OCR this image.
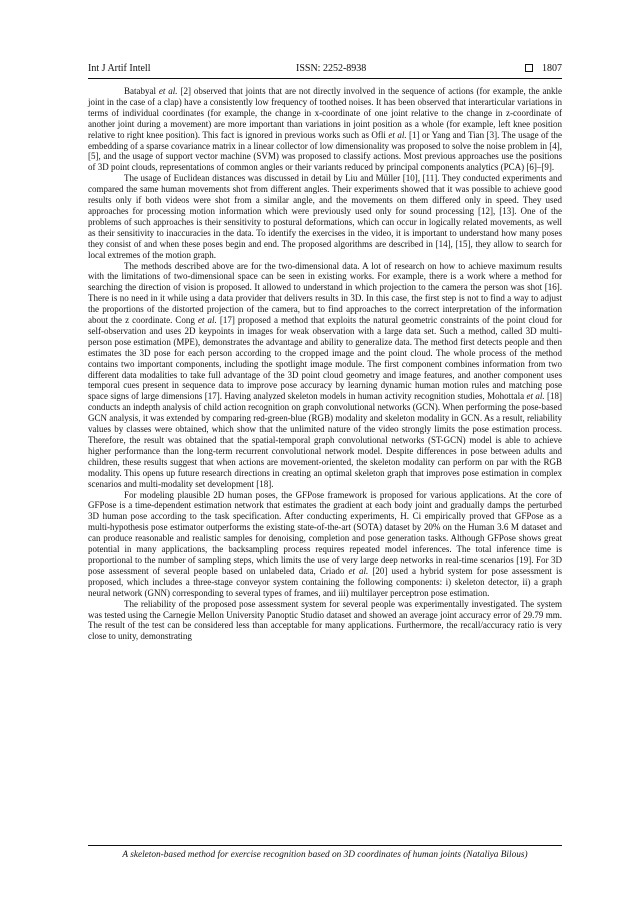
Int J Artif Intell	ISSN: 2252-8938	1807

Batabyal et al. [2] observed that joints that are not directly involved in the sequence of actions (for example, the ankle joint in the case of a clap) have a consistently low frequency of toothed noises. It has been observed that interarticular variations in terms of individual coordinates (for example, the change in x-coordinate of one joint relative to the change in z-coordinate of another joint during a movement) are more important than variations in joint position as a whole (for example, left knee position relative to right knee position). This fact is ignored in previous works such as Ofli et al. [1] or Yang and Tian [3]. The usage of the embedding of a sparse covariance matrix in a linear collector of low dimensionality was proposed to solve the noise problem in [4], [5], and the usage of support vector machine (SVM) was proposed to classify actions. Most previous approaches use the positions of 3D point clouds, representations of common angles or their variants reduced by principal components analytics (PCA) [6]–[9].

The usage of Euclidean distances was discussed in detail by Liu and Müller [10], [11]. They conducted experiments and compared the same human movements shot from different angles. Their experiments showed that it was possible to achieve good results only if both videos were shot from a similar angle, and the movements on them differed only in speed. They used approaches for processing motion information which were previously used only for sound processing [12], [13]. One of the problems of such approaches is their sensitivity to postural deformations, which can occur in logically related movements, as well as their sensitivity to inaccuracies in the data. To identify the exercises in the video, it is important to understand how many poses they consist of and when these poses begin and end. The proposed algorithms are described in [14], [15], they allow to search for local extremes of the motion graph.

The methods described above are for the two-dimensional data. A lot of research on how to achieve maximum results with the limitations of two-dimensional space can be seen in existing works. For example, there is a work where a method for searching the direction of vision is proposed. It allowed to understand in which projection to the camera the person was shot [16]. There is no need in it while using a data provider that delivers results in 3D. In this case, the first step is not to find a way to adjust the proportions of the distorted projection of the camera, but to find approaches to the correct interpretation of the information about the z coordinate. Cong et al. [17] proposed a method that exploits the natural geometric constraints of the point cloud for self-observation and uses 2D keypoints in images for weak observation with a large data set. Such a method, called 3D multi-person pose estimation (MPE), demonstrates the advantage and ability to generalize data. The method first detects people and then estimates the 3D pose for each person according to the cropped image and the point cloud. The whole process of the method contains two important components, including the spotlight image module. The first component combines information from two different data modalities to take full advantage of the 3D point cloud geometry and image features, and another component uses temporal cues present in sequence data to improve pose accuracy by learning dynamic human motion rules and matching pose space signs of large dimensions [17]. Having analyzed skeleton models in human activity recognition studies, Mohottala et al. [18] conducts an indepth analysis of child action recognition on graph convolutional networks (GCN). When performing the pose-based GCN analysis, it was extended by comparing red-green-blue (RGB) modality and skeleton modality in GCN. As a result, reliability values by classes were obtained, which show that the unlimited nature of the video strongly limits the pose estimation process. Therefore, the result was obtained that the spatial-temporal graph convolutional networks (ST-GCN) model is able to achieve higher performance than the long-term recurrent convolutional network model. Despite differences in pose between adults and children, these results suggest that when actions are movement-oriented, the skeleton modality can perform on par with the RGB modality. This opens up future research directions in creating an optimal skeleton graph that improves pose estimation in complex scenarios and multi-modality set development [18].

For modeling plausible 2D human poses, the GFPose framework is proposed for various applications. At the core of GFPose is a time-dependent estimation network that estimates the gradient at each body joint and gradually damps the perturbed 3D human pose according to the task specification. After conducting experiments, H. Ci empirically proved that GFPose as a multi-hypothesis pose estimator outperforms the existing state-of-the-art (SOTA) dataset by 20% on the Human 3.6 M dataset and can produce reasonable and realistic samples for denoising, completion and pose generation tasks. Although GFPose shows great potential in many applications, the backsampling process requires repeated model inferences. The total inference time is proportional to the number of sampling steps, which limits the use of very large deep networks in real-time scenarios [19]. For 3D pose assessment of several people based on unlabeled data, Criado et al. [20] used a hybrid system for pose assessment is proposed, which includes a three-stage conveyor system containing the following components: i) skeleton detector, ii) a graph neural network (GNN) corresponding to several types of frames, and iii) multilayer perceptron pose estimation.

The reliability of the proposed pose assessment system for several people was experimentally investigated. The system was tested using the Carnegie Mellon University Panoptic Studio dataset and showed an average joint accuracy error of 29.79 mm. The result of the test can be considered less than acceptable for many applications. Furthermore, the recall/accuracy ratio is very close to unity, demonstrating

A skeleton-based method for exercise recognition based on 3D coordinates of human joints (Nataliya Bilous)
